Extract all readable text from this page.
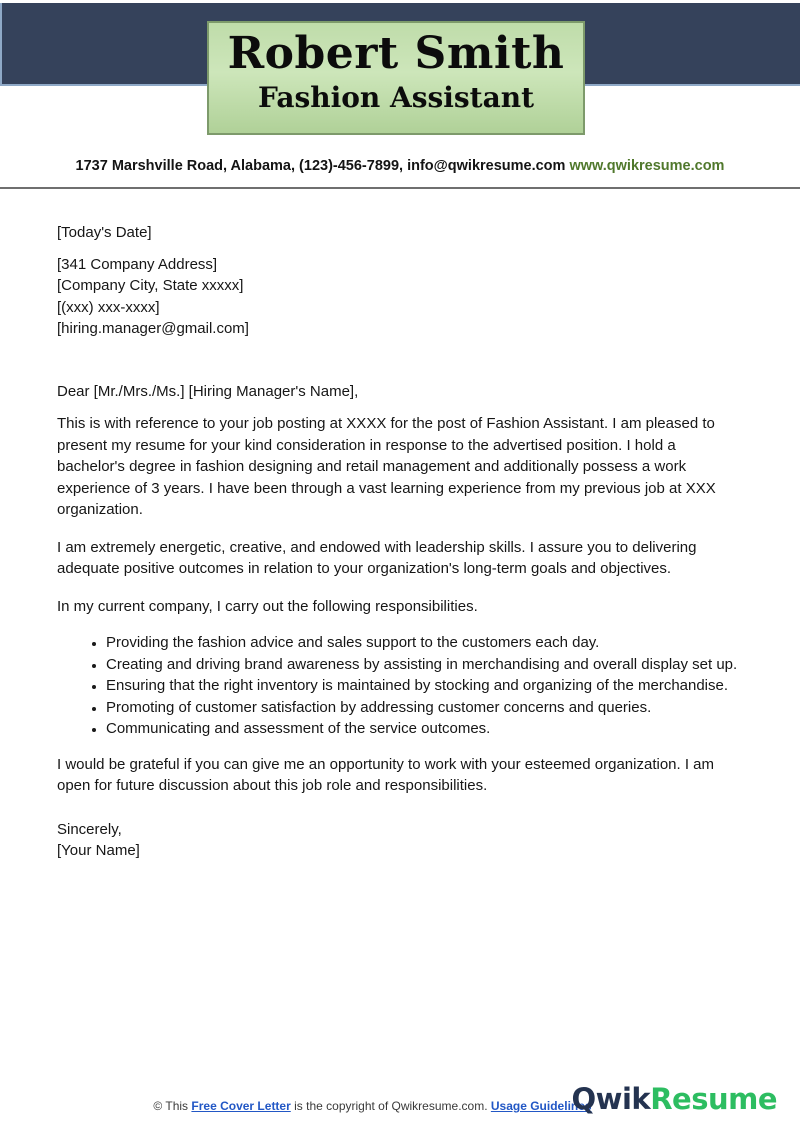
Robert Smith
Fashion Assistant
1737 Marshville Road, Alabama, (123)-456-7899, info@qwikresume.com www.qwikresume.com
[Today's Date]
[341 Company Address]
[Company City, State xxxxx]
[(xxx) xxx-xxxx]
[hiring.manager@gmail.com]
Dear [Mr./Mrs./Ms.] [Hiring Manager's Name],

This is with reference to your job posting at XXXX for the post of Fashion Assistant. I am pleased to present my resume for your kind consideration in response to the advertised position. I hold a bachelor's degree in fashion designing and retail management and additionally possess a work experience of 3 years. I have been through a vast learning experience from my previous job at XXX organization.

I am extremely energetic, creative, and endowed with leadership skills. I assure you to delivering adequate positive outcomes in relation to your organization's long-term goals and objectives.

In my current company, I carry out the following responsibilities.

• Providing the fashion advice and sales support to the customers each day.
• Creating and driving brand awareness by assisting in merchandising and overall display set up.
• Ensuring that the right inventory is maintained by stocking and organizing of the merchandise.
• Promoting of customer satisfaction by addressing customer concerns and queries.
• Communicating and assessment of the service outcomes.

I would be grateful if you can give me an opportunity to work with your esteemed organization. I am open for future discussion about this job role and responsibilities.

Sincerely,
[Your Name]
© This Free Cover Letter is the copyright of Qwikresume.com. Usage Guidelines
QwikResume
